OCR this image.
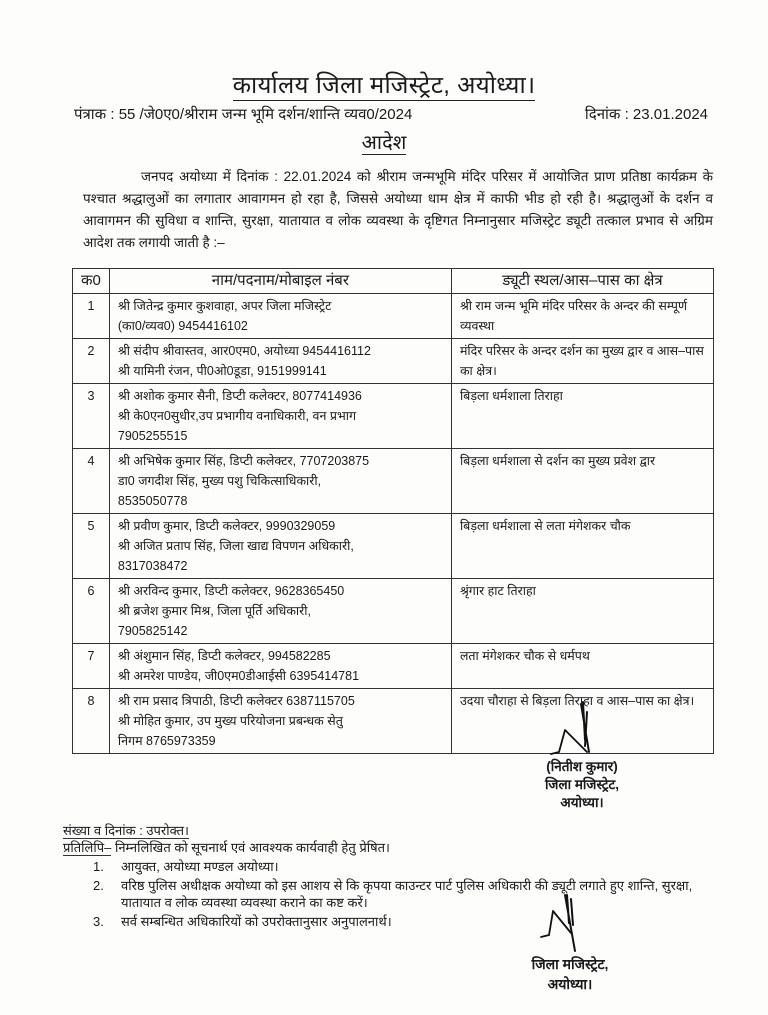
कार्यालय जिला मजिस्ट्रेट, अयोध्या।
पंत्राक : 55 /जे0ए0/श्रीराम जन्म भूमि दर्शन/शान्ति व्यव0/2024	दिनांक : 23.01.2024
आदेश
जनपद अयोध्या में दिनांक : 22.01.2024 को श्रीराम जन्मभूमि मंदिर परिसर में आयोजित प्राण प्रतिष्ठा कार्यक्रम के पश्चात श्रद्धालुओं का लगातार आवागमन हो रहा है, जिससे अयोध्या धाम क्षेत्र में काफी भीड हो रही है। श्रद्धालुओं के दर्शन व आवागमन की सुविधा व शान्ति, सुरक्षा, यातायात व लोक व्यवस्था के दृष्टिगत निम्नानुसार मजिस्ट्रेट ड्यूटी तत्काल प्रभाव से अग्रिम आदेश तक लगायी जाती है :–
क0	नाम/पदनाम/मोबाइल नंबर	ड्यूटी स्थल/आस–पास का क्षेत्र
1	श्री जितेन्द्र कुमार कुशवाहा, अपर जिला मजिस्ट्रेट
(का0/व्यव0) 9454416102	श्री राम जन्म भूमि मंदिर परिसर के अन्दर की सम्पूर्ण व्यवस्था
2	श्री संदीप श्रीवास्तव, आर0एम0, अयोध्या 9454416112
श्री यामिनी रंजन, पी0ओ0डूडा, 9151999141	मंदिर परिसर के अन्दर दर्शन का मुख्य द्वार व आस–पास का क्षेत्र।
3	श्री अशोक कुमार सैनी, डिप्टी कलेक्टर, 8077414936
श्री के0एन0सुधीर,उप प्रभागीय वनाधिकारी, वन प्रभाग
7905255515	बिड़ला धर्मशाला तिराहा
4	श्री अभिषेक कुमार सिंह, डिप्टी कलेक्टर, 7707203875
डा0 जगदीश सिंह, मुख्य पशु चिकित्साधिकारी,
8535050778	बिड़ला धर्मशाला से दर्शन का मुख्य प्रवेश द्वार
5	श्री प्रवीण कुमार, डिप्टी कलेक्टर, 9990329059
श्री अजित प्रताप सिंह, जिला खाद्य विपणन अधिकारी,
8317038472	बिड़ला धर्मशाला से लता मंगेशकर चौक
6	श्री अरविन्द कुमार, डिप्टी कलेक्टर, 9628365450
श्री ब्रजेश कुमार मिश्र, जिला पूर्ति अधिकारी,
7905825142	श्रृंगार हाट तिराहा
7	श्री अंशुमान सिंह, डिप्टी कलेक्टर, 994582285
श्री अमरेश पाण्डेय, जी0एम0डीआईसी 6395414781	लता मंगेशकर चौक से धर्मपथ
8	श्री राम प्रसाद त्रिपाठी, डिप्टी कलेक्टर 6387115705
श्री मोहित कुमार, उप मुख्य परियोजना प्रबन्धक सेतु
निगम 8765973359	उदया चौराहा से बिड़ला तिराहा व आस–पास का क्षेत्र।
(नितीश कुमार)
जिला मजिस्ट्रेट,
अयोध्या।
संख्या व दिनांक : उपरोक्त।
प्रतिलिपि– निम्नलिखित को सूचनार्थ एवं आवश्यक कार्यवाही हेतु प्रेषित।
1.	आयुक्त, अयोध्या मण्डल अयोध्या।
2.	वरिष्ठ पुलिस अधीक्षक अयोध्या को इस आशय से कि कृपया काउन्टर पार्ट पुलिस अधिकारी की ड्यूटी लगाते हुए शान्ति, सुरक्षा, यातायात व लोक व्यवस्था व्यवस्था कराने का कष्ट करें।
3.	सर्व सम्बन्धित अधिकारियों को उपरोक्तानुसार अनुपालनार्थ।
जिला मजिस्ट्रेट,
अयोध्या।
